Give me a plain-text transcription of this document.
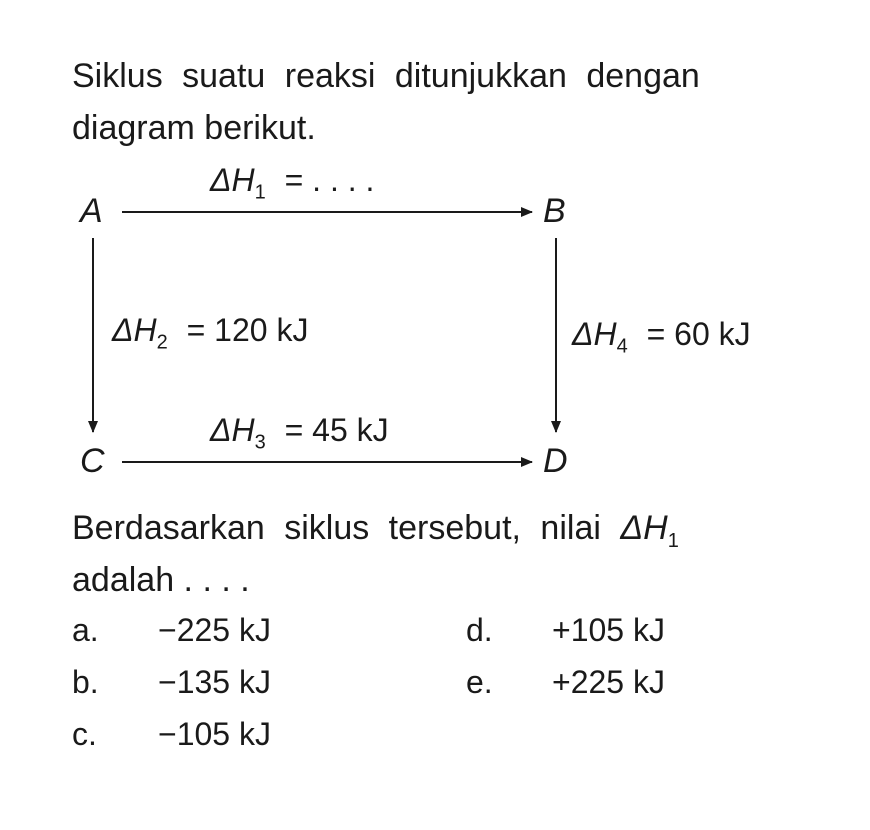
Siklus suatu reaksi ditunjukkan dengan
diagram berikut.
A	B
C	D
$\Delta H_1$ = . . . .
$\Delta H_2 = 120$ kJ
$\Delta H_3 = 45$ kJ
$\Delta H_4 = 60$ kJ
Berdasarkan siklus tersebut, nilai $\Delta H_1$
adalah . . . .
a. −225 kJ
b. −135 kJ
c. −105 kJ
d. +105 kJ
e. +225 kJ
